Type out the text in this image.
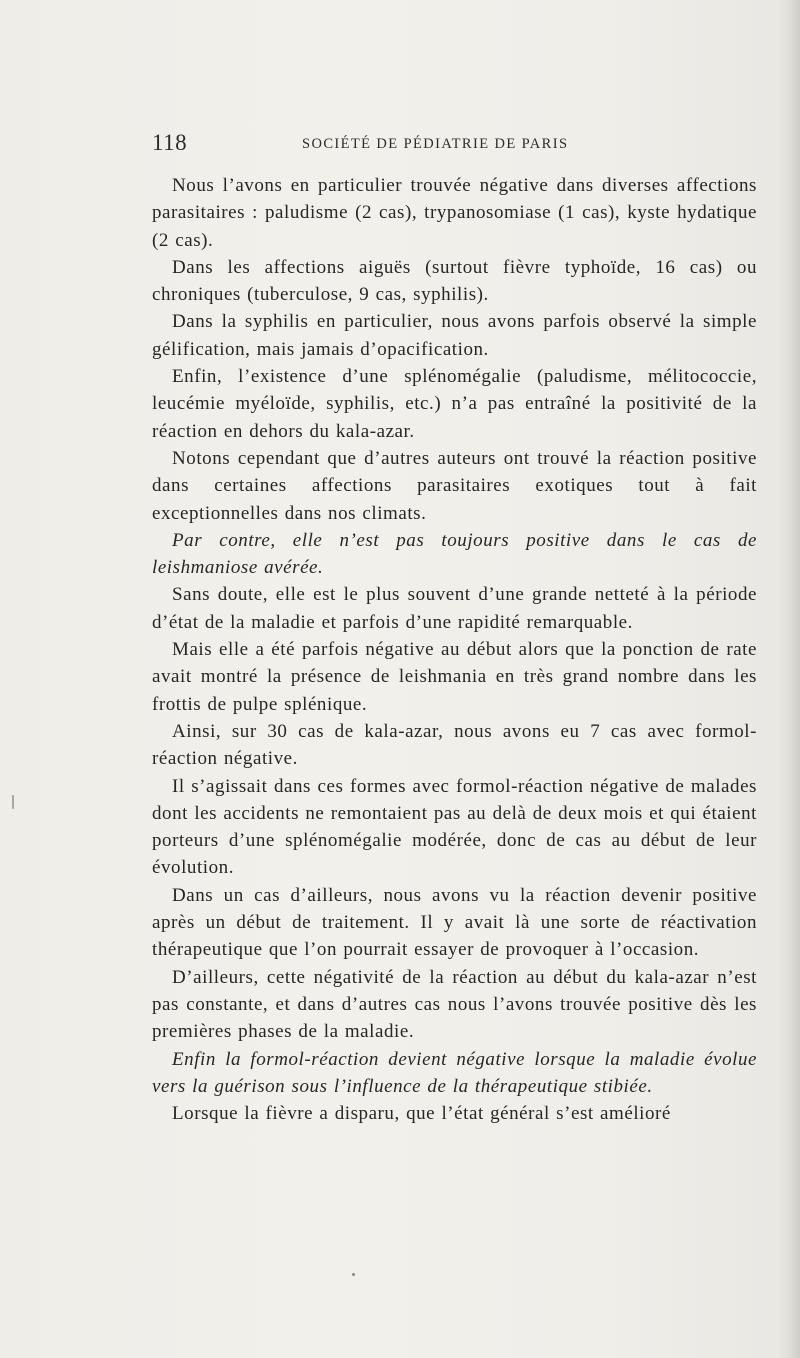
118	SOCIÉTÉ DE PÉDIATRIE DE PARIS

Nous l’avons en particulier trouvée négative dans diverses affections parasitaires : paludisme (2 cas), trypanosomiase (1 cas), kyste hydatique (2 cas).

Dans les affections aiguës (surtout fièvre typhoïde, 16 cas) ou chroniques (tuberculose, 9 cas, syphilis).

Dans la syphilis en particulier, nous avons parfois observé la simple gélification, mais jamais d’opacification.

Enfin, l’existence d’une splénomégalie (paludisme, mélitococcie, leucémie myéloïde, syphilis, etc.) n’a pas entraîné la positivité de la réaction en dehors du kala-azar.

Notons cependant que d’autres auteurs ont trouvé la réaction positive dans certaines affections parasitaires exotiques tout à fait exceptionnelles dans nos climats.

Par contre, elle n’est pas toujours positive dans le cas de leishmaniose avérée.

Sans doute, elle est le plus souvent d’une grande netteté à la période d’état de la maladie et parfois d’une rapidité remarquable.

Mais elle a été parfois négative au début alors que la ponction de rate avait montré la présence de leishmania en très grand nombre dans les frottis de pulpe splénique.

Ainsi, sur 30 cas de kala-azar, nous avons eu 7 cas avec formol-réaction négative.

Il s’agissait dans ces formes avec formol-réaction négative de malades dont les accidents ne remontaient pas au delà de deux mois et qui étaient porteurs d’une splénomégalie modérée, donc de cas au début de leur évolution.

Dans un cas d’ailleurs, nous avons vu la réaction devenir positive après un début de traitement. Il y avait là une sorte de réactivation thérapeutique que l’on pourrait essayer de provoquer à l’occasion.

D’ailleurs, cette négativité de la réaction au début du kala-azar n’est pas constante, et dans d’autres cas nous l’avons trouvée positive dès les premières phases de la maladie.

Enfin la formol-réaction devient négative lorsque la maladie évolue vers la guérison sous l’influence de la thérapeutique stibiée.

Lorsque la fièvre a disparu, que l’état général s’est amélioré
